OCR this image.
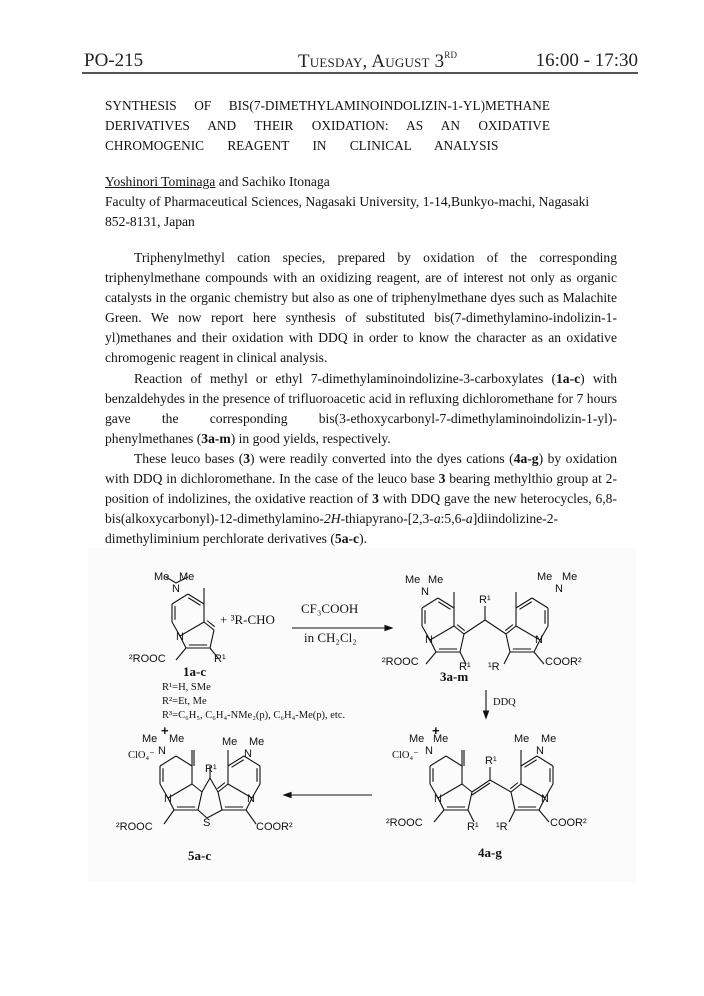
PO-215	Tuesday, August 3RD	16:00 - 17:30
SYNTHESIS OF BIS(7-DIMETHYLAMINOINDOLIZIN-1-YL)METHANE
DERIVATIVES AND THEIR OXIDATION: AS AN OXIDATIVE
CHROMOGENIC REAGENT IN CLINICAL ANALYSIS
Yoshinori Tominaga and Sachiko Itonaga
Faculty of Pharmaceutical Sciences, Nagasaki University, 1-14,Bunkyo-machi, Nagasaki 852-8131, Japan

Triphenylmethyl cation species, prepared by oxidation of the corresponding triphenylmethane compounds with an oxidizing reagent, are of interest not only as organic catalysts in the organic chemistry but also as one of triphenylmethane dyes such as Malachite Green. We now report here synthesis of substituted bis(7-dimethylamino-indolizin-1-yl)methanes and their oxidation with DDQ in order to know the character as an oxidative chromogenic reagent in clinical analysis.

Reaction of methyl or ethyl 7-dimethylaminoindolizine-3-carboxylates (1a-c) with benzaldehydes in the presence of trifluoroacetic acid in refluxing dichloromethane for 7 hours gave the corresponding bis(3-ethoxycarbonyl-7-dimethylaminoindolizin-1-yl)-phenylmethanes (3a-m) in good yields, respectively.

These leuco bases (3) were readily converted into the dyes cations (4a-g) by oxidation with DDQ in dichloromethane. In the case of the leuco base 3 bearing methylthio group at 2-position of indolizines, the oxidative reaction of 3 with DDQ gave the new heterocycles, 6,8-bis(alkoxycarbonyl)-12-dimethylamino-2H-thiapyrano-[2,3-a:5,6-a]diindolizine-2-dimethyliminium perchlorate derivatives (5a-c).

Me Me
N
N
²ROOC	R¹
+ ³R-CHO
1a-c
R¹=H, SMe
R²=Et, Me
R³=C₆H₅, C₆H₄-NMe₂(p), C₆H₄-Me(p), etc.
CF₃COOH
in CH₂Cl₂
Me Me
N
Me Me
N
R¹
N	N
²ROOC	R¹ ¹R	COOR²
3a-m
DDQ
Me Me
+
N
ClO₄⁻
Me Me
N
R¹
N	N
²ROOC	R¹ ¹R	COOR²
4a-g
Me Me
+
N
ClO₄⁻
Me Me
N
R¹
N	N
S
²ROOC	COOR²
5a-c
